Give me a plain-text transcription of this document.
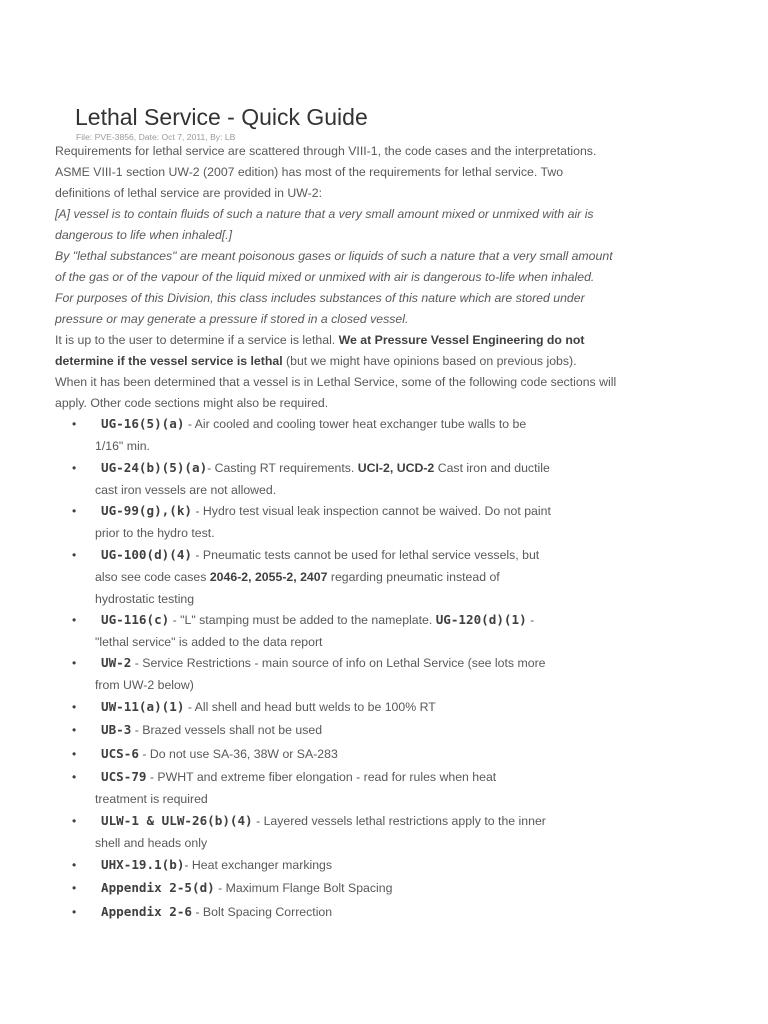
Lethal Service - Quick Guide
File: PVE-3856, Date: Oct 7, 2011, By: LB
Requirements for lethal service are scattered through VIII-1, the code cases and the interpretations.
ASME VIII-1 section UW-2 (2007 edition) has most of the requirements for lethal service. Two
definitions of lethal service are provided in UW-2:
[A] vessel is to contain fluids of such a nature that a very small amount mixed or unmixed with air is
dangerous to life when inhaled[.]
By "lethal substances" are meant poisonous gases or liquids of such a nature that a very small amount
of the gas or of the vapour of the liquid mixed or unmixed with air is dangerous to-life when inhaled.
For purposes of this Division, this class includes substances of this nature which are stored under
pressure or may generate a pressure if stored in a closed vessel.
It is up to the user to determine if a service is lethal. We at Pressure Vessel Engineering do not
determine if the vessel service is lethal (but we might have opinions based on previous jobs).
When it has been determined that a vessel is in Lethal Service, some of the following code sections will
apply. Other code sections might also be required.
•	UG-16(5)(a) - Air cooled and cooling tower heat exchanger tube walls to be
1/16" min.
•	UG-24(b)(5)(a)- Casting RT requirements. UCI-2, UCD-2 Cast iron and ductile
cast iron vessels are not allowed.
•	UG-99(g),(k) - Hydro test visual leak inspection cannot be waived. Do not paint
prior to the hydro test.
•	UG-100(d)(4) - Pneumatic tests cannot be used for lethal service vessels, but
also see code cases 2046-2, 2055-2, 2407 regarding pneumatic instead of
hydrostatic testing
•	UG-116(c) - "L" stamping must be added to the nameplate. UG-120(d)(1) -
"lethal service" is added to the data report
•	UW-2 - Service Restrictions - main source of info on Lethal Service (see lots more
from UW-2 below)
•	UW-11(a)(1) - All shell and head butt welds to be 100% RT
•	UB-3 - Brazed vessels shall not be used
•	UCS-6 - Do not use SA-36, 38W or SA-283
•	UCS-79 - PWHT and extreme fiber elongation - read for rules when heat
treatment is required
•	ULW-1 & ULW-26(b)(4) - Layered vessels lethal restrictions apply to the inner
shell and heads only
•	UHX-19.1(b)- Heat exchanger markings
•	Appendix 2-5(d) - Maximum Flange Bolt Spacing
•	Appendix 2-6 - Bolt Spacing Correction
